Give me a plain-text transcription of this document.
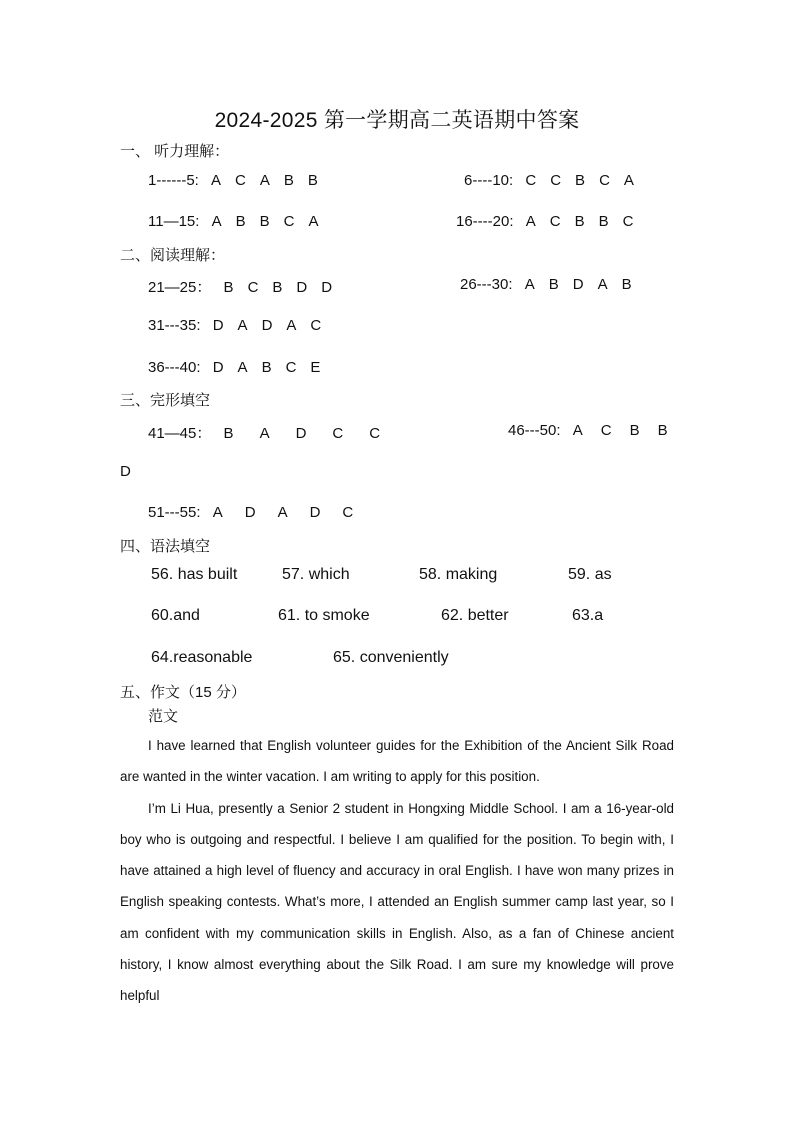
2024-2025 第一学期高二英语期中答案
一、 听力理解：
1------5: A C A B B	6----10: C C B C A
11—15: A B B C A	16----20: A C B B C
二、阅读理解：
21—25： B C B D D	26---30: A B D A B
31---35: D A D A C
36---40: D A B C E
三、完形填空
41—45： B A D C C	46---50: A C B B
D
51---55: A D A D C
四、语法填空
56. has built	57. which	58. making	59. as
60.and	61. to smoke	62. better	63.a
64.reasonable	65. conveniently
五、作文（15 分）
范文

I have learned that English volunteer guides for the Exhibition of the Ancient Silk Road are wanted in the winter vacation. I am writing to apply for this position.

I’m Li Hua, presently a Senior 2 student in Hongxing Middle School. I am a 16-year-old boy who is outgoing and respectful. I believe I am qualified for the position. To begin with, I have attained a high level of fluency and accuracy in oral English. I have won many prizes in English speaking contests. What’s more, I attended an English summer camp last year, so I am confident with my communication skills in English. Also, as a fan of Chinese ancient history, I know almost everything about the Silk Road. I am sure my knowledge will prove helpful
